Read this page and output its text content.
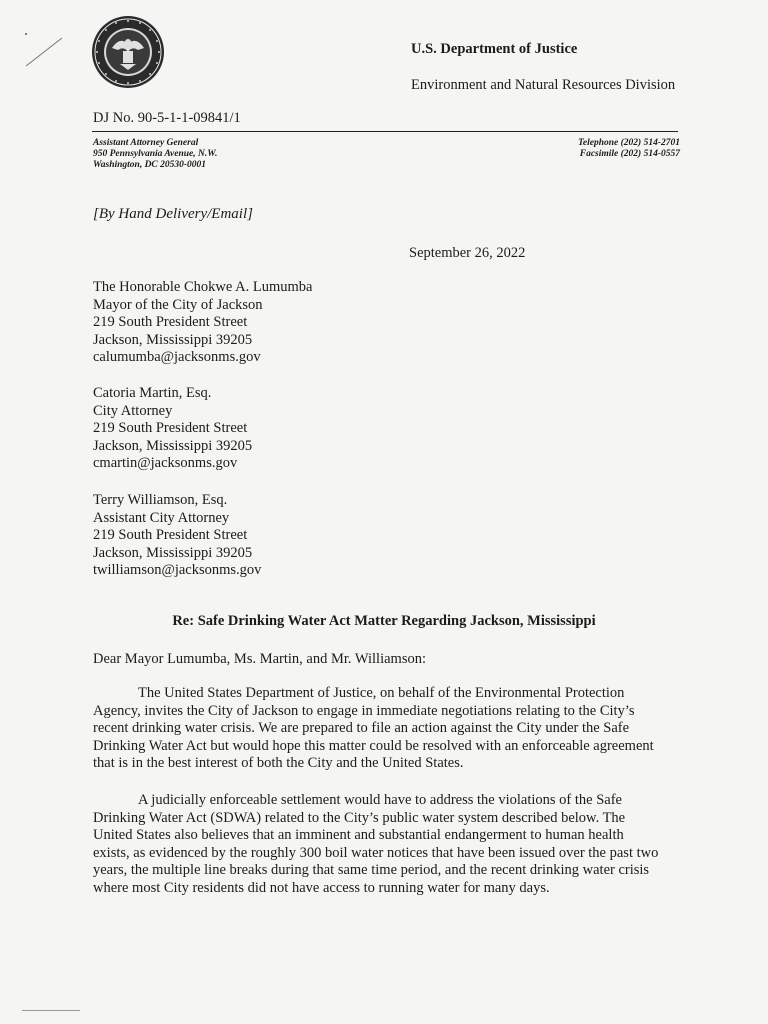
U.S. Department of Justice
Environment and Natural Resources Division
DJ No. 90-5-1-1-09841/1
Assistant Attorney General
950 Pennsylvania Avenue, N.W.
Washington, DC 20530-0001
Telephone (202) 514-2701
Facsimile (202) 514-0557
[By Hand Delivery/Email]
September 26, 2022
The Honorable Chokwe A. Lumumba
Mayor of the City of Jackson
219 South President Street
Jackson, Mississippi 39205
calumumba@jacksonms.gov
Catoria Martin, Esq.
City Attorney
219 South President Street
Jackson, Mississippi 39205
cmartin@jacksonms.gov
Terry Williamson, Esq.
Assistant City Attorney
219 South President Street
Jackson, Mississippi 39205
twilliamson@jacksonms.gov
Re: Safe Drinking Water Act Matter Regarding Jackson, Mississippi
Dear Mayor Lumumba, Ms. Martin, and Mr. Williamson:
The United States Department of Justice, on behalf of the Environmental Protection
Agency, invites the City of Jackson to engage in immediate negotiations relating to the City’s
recent drinking water crisis. We are prepared to file an action against the City under the Safe
Drinking Water Act but would hope this matter could be resolved with an enforceable agreement
that is in the best interest of both the City and the United States.
A judicially enforceable settlement would have to address the violations of the Safe
Drinking Water Act (SDWA) related to the City’s public water system described below. The
United States also believes that an imminent and substantial endangerment to human health
exists, as evidenced by the roughly 300 boil water notices that have been issued over the past two
years, the multiple line breaks during that same time period, and the recent drinking water crisis
where most City residents did not have access to running water for many days.
